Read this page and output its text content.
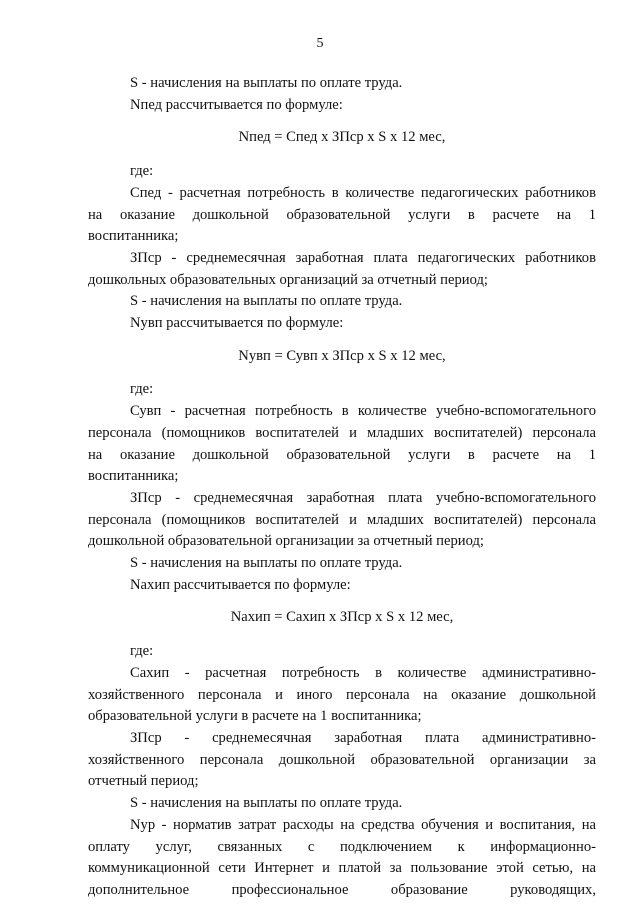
5
S - начисления на выплаты по оплате труда.
Nпед рассчитывается по формуле:
Nпед = Спед х ЗПср х S х 12 мес,
где:
Спед - расчетная потребность в количестве педагогических работников
на оказание дошкольной образовательной услуги в расчете на 1
воспитанника;
ЗПср - среднемесячная заработная плата педагогических работников
дошкольных образовательных организаций за отчетный период;
S - начисления на выплаты по оплате труда.
Nувп рассчитывается по формуле:
Nувп = Сувп х ЗПср х S х 12 мес,
где:
Сувп - расчетная потребность в количестве учебно-вспомогательного
персонала (помощников воспитателей и младших воспитателей) персонала
на оказание дошкольной образовательной услуги в расчете на 1
воспитанника;
ЗПср - среднемесячная заработная плата учебно-вспомогательного
персонала (помощников воспитателей и младших воспитателей) персонала
дошкольной образовательной организации за отчетный период;
S - начисления на выплаты по оплате труда.
Nахип рассчитывается по формуле:
Nахип = Сахип х ЗПср х S х 12 мес,
где:
Сахип - расчетная потребность в количестве административно-
хозяйственного персонала и иного персонала на оказание дошкольной
образовательной услуги в расчете на 1 воспитанника;
ЗПср - среднемесячная заработная плата административно-
хозяйственного персонала дошкольной образовательной организации за
отчетный период;
S - начисления на выплаты по оплате труда.
Nур - норматив затрат расходы на средства обучения и воспитания, на
оплату услуг, связанных с подключением к информационно-
коммуникационной сети Интернет и платой за пользование этой сетью, на
дополнительное профессиональное образование руководящих,
